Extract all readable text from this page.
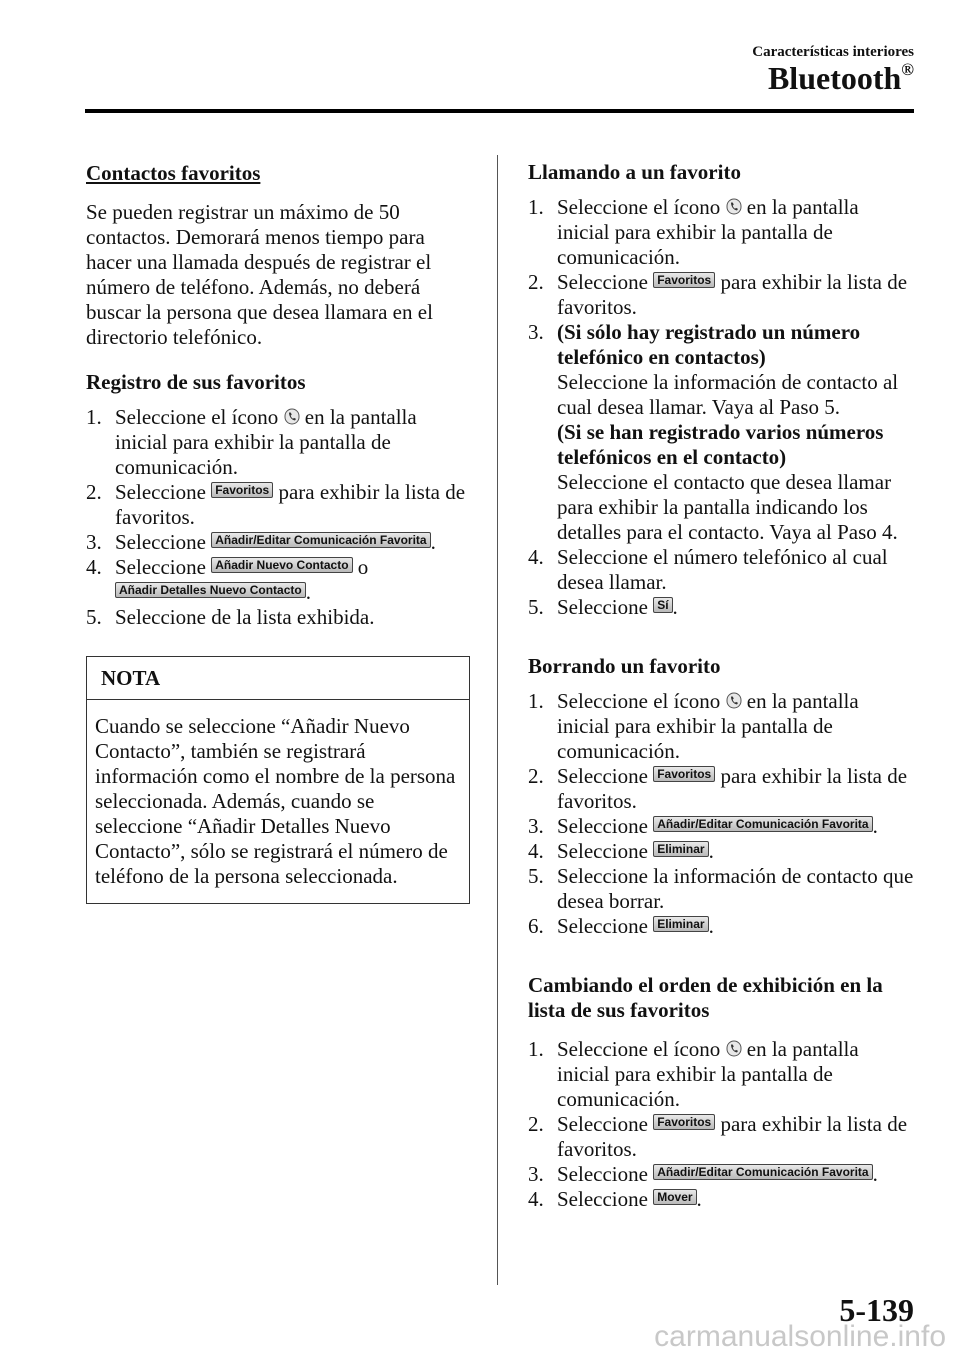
Características interiores
Bluetooth®
Contactos favoritos

Se pueden registrar un máximo de 50 contactos. Demorará menos tiempo para hacer una llamada después de registrar el número de teléfono. Además, no deberá buscar la persona que desea llamara en el directorio telefónico.

Registro de sus favoritos
1. Seleccione el ícono en la pantalla inicial para exhibir la pantalla de comunicación.
2. Seleccione Favoritos para exhibir la lista de favoritos.
3. Seleccione Añadir/Editar Comunicación Favorita .
4. Seleccione Añadir Nuevo Contacto o
Añadir Detalles Nuevo Contacto .
5. Seleccione de la lista exhibida.
NOTA
Cuando se seleccione “Añadir Nuevo Contacto”, también se registrará información como el nombre de la persona seleccionada. Además, cuando se seleccione “Añadir Detalles Nuevo Contacto”, sólo se registrará el número de teléfono de la persona seleccionada.
Llamando a un favorito
1. Seleccione el ícono en la pantalla inicial para exhibir la pantalla de comunicación.
2. Seleccione Favoritos para exhibir la lista de favoritos.
3. (Si sólo hay registrado un número telefónico en contactos)
Seleccione la información de contacto al cual desea llamar. Vaya al Paso 5.
(Si se han registrado varios números telefónicos en el contacto)
Seleccione el contacto que desea llamar para exhibir la pantalla indicando los detalles para el contacto. Vaya al Paso 4.
4. Seleccione el número telefónico al cual desea llamar.
5. Seleccione Sí .
Borrando un favorito
1. Seleccione el ícono en la pantalla inicial para exhibir la pantalla de comunicación.
2. Seleccione Favoritos para exhibir la lista de favoritos.
3. Seleccione Añadir/Editar Comunicación Favorita .
4. Seleccione Eliminar .
5. Seleccione la información de contacto que desea borrar.
6. Seleccione Eliminar .
Cambiando el orden de exhibición en la lista de sus favoritos
1. Seleccione el ícono en la pantalla inicial para exhibir la pantalla de comunicación.
2. Seleccione Favoritos para exhibir la lista de favoritos.
3. Seleccione Añadir/Editar Comunicación Favorita .
4. Seleccione Mover .
5-139
carmanualsonline.info
